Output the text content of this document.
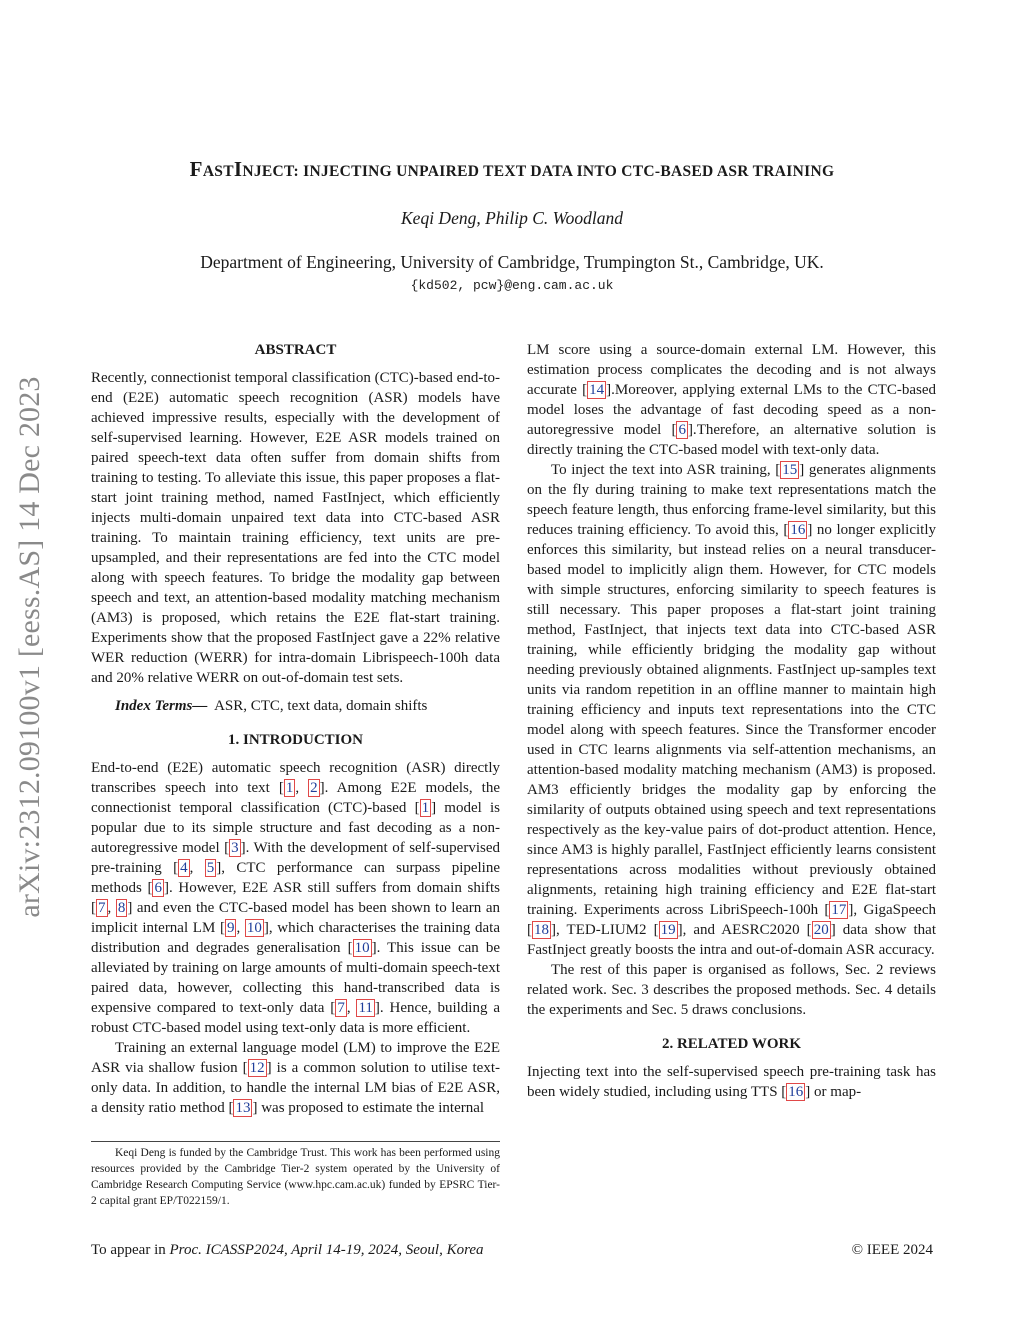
arXiv:2312.09100v1 [eess.AS] 14 Dec 2023
FASTINJECT: INJECTING UNPAIRED TEXT DATA INTO CTC-BASED ASR TRAINING
Keqi Deng, Philip C. Woodland
Department of Engineering, University of Cambridge, Trumpington St., Cambridge, UK.
{kd502, pcw}@eng.cam.ac.uk

ABSTRACT

Recently, connectionist temporal classification (CTC)-based end-to-end (E2E) automatic speech recognition (ASR) models have achieved impressive results, especially with the development of self-supervised learning. However, E2E ASR models trained on paired speech-text data often suffer from domain shifts from training to testing. To alleviate this issue, this paper proposes a flat-start joint training method, named FastInject, which efficiently injects multi-domain unpaired text data into CTC-based ASR training. To maintain training efficiency, text units are pre-upsampled, and their representations are fed into the CTC model along with speech features. To bridge the modality gap between speech and text, an attention-based modality matching mechanism (AM3) is proposed, which retains the E2E flat-start training. Experiments show that the proposed FastInject gave a 22% relative WER reduction (WERR) for intra-domain Librispeech-100h data and 20% relative WERR on out-of-domain test sets.

Index Terms— ASR, CTC, text data, domain shifts

1. INTRODUCTION

End-to-end (E2E) automatic speech recognition (ASR) directly transcribes speech into text [ 1 , 2 ]. Among E2E models, the connectionist temporal classification (CTC)-based [ 1 ] model is popular due to its simple structure and fast decoding as a non-autoregressive model [ 3 ]. With the development of self-supervised pre-training [ 4 , 5 ], CTC performance can surpass pipeline methods [ 6 ]. However, E2E ASR still suffers from domain shifts [ 7 , 8 ] and even the CTC-based model has been shown to learn an implicit internal LM [ 9 , 10 ], which characterises the training data distribution and degrades generalisation [ 10 ]. This issue can be alleviated by training on large amounts of multi-domain speech-text paired data, however, collecting this hand-transcribed data is expensive compared to text-only data [ 7 , 11 ]. Hence, building a robust CTC-based model using text-only data is more efficient.

Training an external language model (LM) to improve the E2E ASR via shallow fusion [ 12 ] is a common solution to utilise text-only data. In addition, to handle the internal LM bias of E2E ASR, a density ratio method [ 13 ] was proposed to estimate the internal

Keqi Deng is funded by the Cambridge Trust. This work has been performed using resources provided by the Cambridge Tier-2 system operated by the University of Cambridge Research Computing Service (www.hpc.cam.ac.uk) funded by EPSRC Tier-2 capital grant EP/T022159/1.

To appear in Proc. ICASSP2024, April 14-19, 2024, Seoul, Korea	© IEEE 2024

LM score using a source-domain external LM. However, this estimation process complicates the decoding and is not always accurate [ 14 ].Moreover, applying external LMs to the CTC-based model loses the advantage of fast decoding speed as a non-autoregressive model [ 6 ].Therefore, an alternative solution is directly training the CTC-based model with text-only data.

To inject the text into ASR training, [ 15 ] generates alignments on the fly during training to make text representations match the speech feature length, thus enforcing frame-level similarity, but this reduces training efficiency. To avoid this, [ 16 ] no longer explicitly enforces this similarity, but instead relies on a neural transducer-based model to implicitly align them. However, for CTC models with simple structures, enforcing similarity to speech features is still necessary. This paper proposes a flat-start joint training method, FastInject, that injects text data into CTC-based ASR training, while efficiently bridging the modality gap without needing previously obtained alignments. FastInject up-samples text units via random repetition in an offline manner to maintain high training efficiency and inputs text representations into the CTC model along with speech features. Since the Transformer encoder used in CTC learns alignments via self-attention mechanisms, an attention-based modality matching mechanism (AM3) is proposed. AM3 efficiently bridges the modality gap by enforcing the similarity of outputs obtained using speech and text representations respectively as the key-value pairs of dot-product attention. Hence, since AM3 is highly parallel, FastInject efficiently learns consistent representations across modalities without previously obtained alignments, retaining high training efficiency and E2E flat-start training. Experiments across LibriSpeech-100h [ 17 ], GigaSpeech [ 18 ], TED-LIUM2 [ 19 ], and AESRC2020 [ 20 ] data show that FastInject greatly boosts the intra and out-of-domain ASR accuracy.

The rest of this paper is organised as follows, Sec. 2 reviews related work. Sec. 3 describes the proposed methods. Sec. 4 details the experiments and Sec. 5 draws conclusions.

2. RELATED WORK

Injecting text into the self-supervised speech pre-training task has been widely studied, including using TTS [ 16 ] or map-
